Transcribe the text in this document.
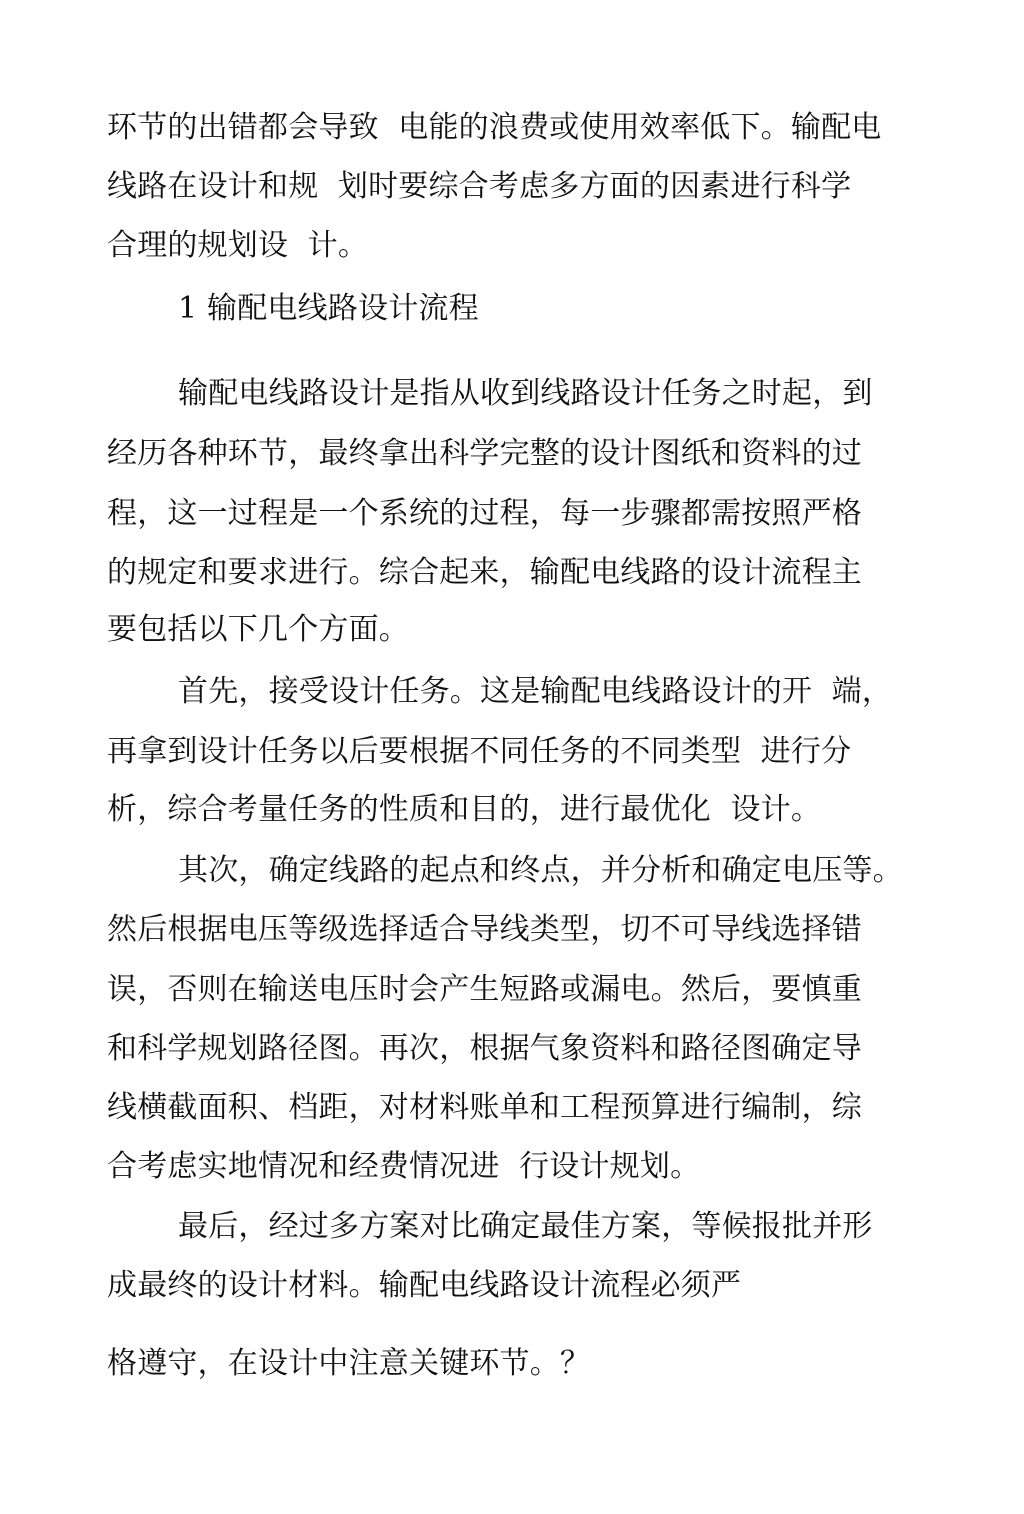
环节的出错都会导致  电能的浪费或使用效率低下。输配电
线路在设计和规  划时要综合考虑多方面的因素进行科学
合理的规划设  计。
1 输配电线路设计流程
输配电线路设计是指从收到线路设计任务之时起，到
经历各种环节，最终拿出科学完整的设计图纸和资料的过
程，这一过程是一个系统的过程，每一步骤都需按照严格
的规定和要求进行。综合起来，输配电线路的设计流程主
要包括以下几个方面。
首先，接受设计任务。这是输配电线路设计的开  端，
再拿到设计任务以后要根据不同任务的不同类型  进行分
析，综合考量任务的性质和目的，进行最优化  设计。
其次，确定线路的起点和终点，并分析和确定电压等。
然后根据电压等级选择适合导线类型，切不可导线选择错
误，否则在输送电压时会产生短路或漏电。然后，要慎重
和科学规划路径图。再次，根据气象资料和路径图确定导
线横截面积、档距，对材料账单和工程预算进行编制，综
合考虑实地情况和经费情况进  行设计规划。
最后，经过多方案对比确定最佳方案，等候报批并形
成最终的设计材料。输配电线路设计流程必须严
格遵守，在设计中注意关键环节。？
